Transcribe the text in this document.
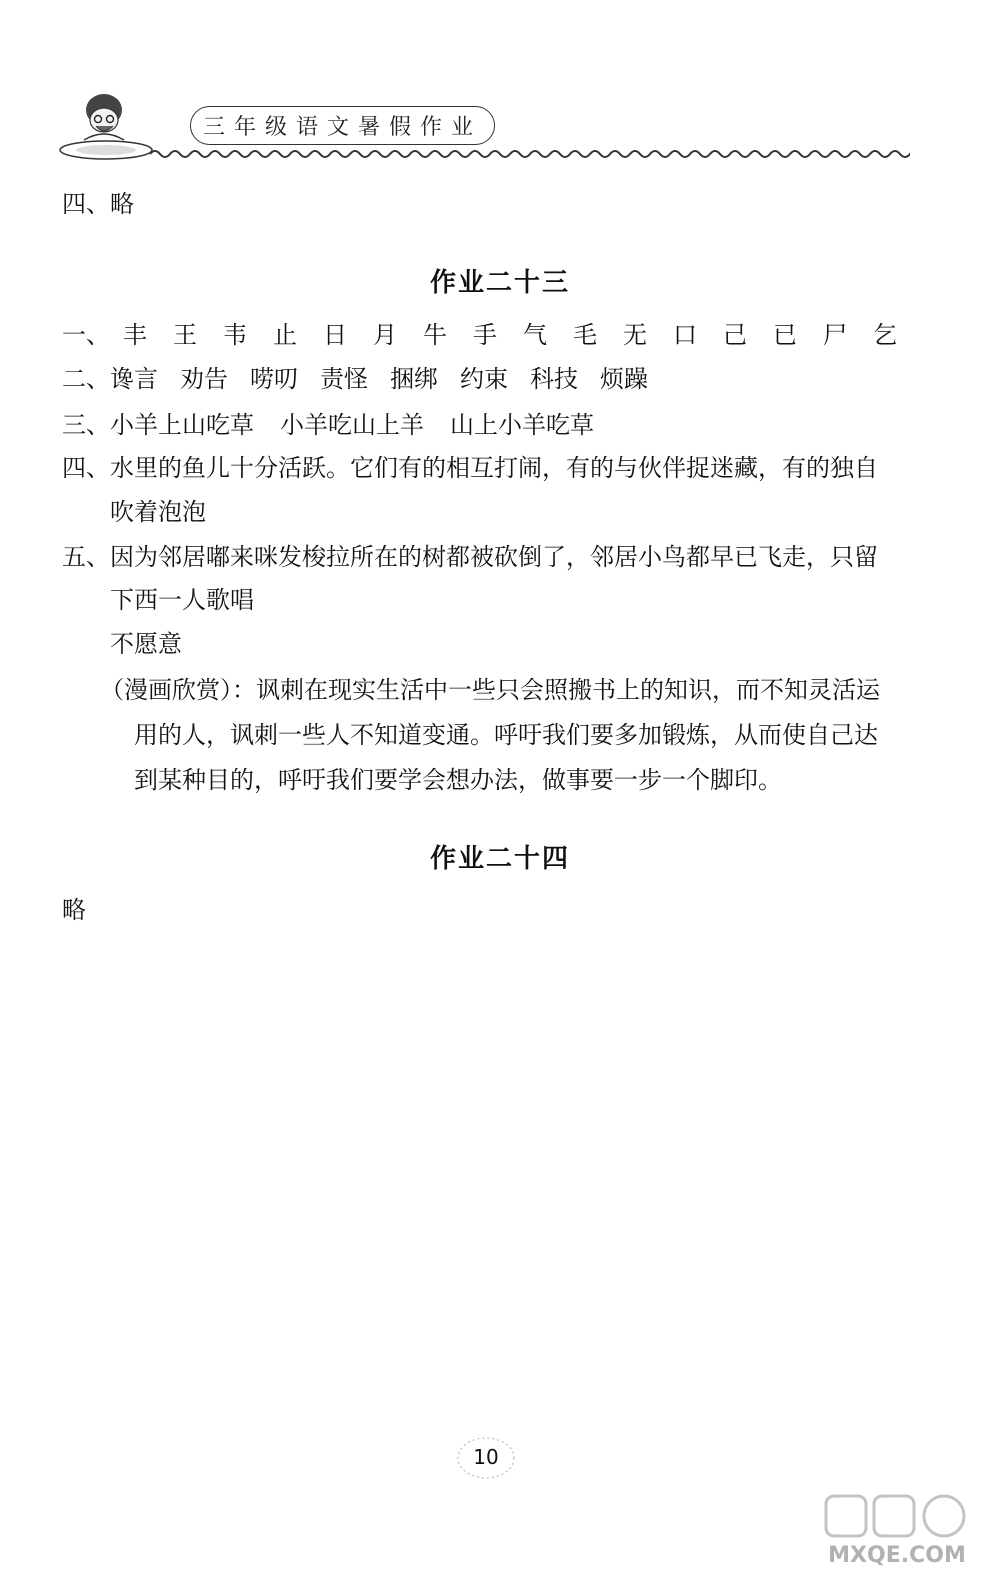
三年级语文暑假作业
四、略
作业二十三
一、 丰 王 韦 止 日 月 牛 手 气 毛 无 口 己 已 尸 乞
二、谗言 劝告 唠叨 责怪 捆绑 约束 科技 烦躁
三、小羊上山吃草 小羊吃山上羊 山上小羊吃草
四、水里的鱼儿十分活跃。它们有的相互打闹，有的与伙伴捉迷藏，有的独自
吹着泡泡
五、因为邻居嘟来咪发梭拉所在的树都被砍倒了，邻居小鸟都早已飞走，只留
下西一人歌唱
不愿意
（漫画欣赏）：讽刺在现实生活中一些只会照搬书上的知识，而不知灵活运
用的人，讽刺一些人不知道变通。呼吁我们要多加锻炼，从而使自己达
到某种目的，呼吁我们要学会想办法，做事要一步一个脚印。
作业二十四
略
10
MXQE.COM
